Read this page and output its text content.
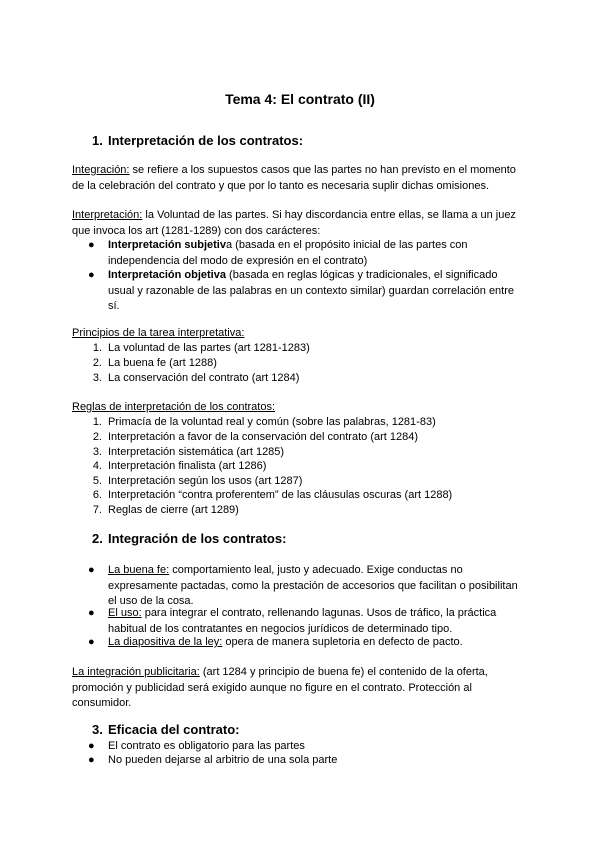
Tema 4: El contrato (II)
1. Interpretación de los contratos:
Integración: se refiere a los supuestos casos que las partes no han previsto en el momento
de la celebración del contrato y que por lo tanto es necesaria suplir dichas omisiones.
Interpretación: la Voluntad de las partes. Si hay discordancia entre ellas, se llama a un juez
que invoca los art (1281-1289) con dos carácteres:
● Interpretación subjetiva (basada en el propósito inicial de las partes con
independencia del modo de expresión en el contrato)
● Interpretación objetiva (basada en reglas lógicas y tradicionales, el significado
usual y razonable de las palabras en un contexto similar) guardan correlación entre
sí.
Principios de la tarea interpretativa:
1. La voluntad de las partes (art 1281-1283)
2. La buena fe (art 1288)
3. La conservación del contrato (art 1284)
Reglas de interpretación de los contratos:
1. Primacía de la voluntad real y común (sobre las palabras, 1281-83)
2. Interpretación a favor de la conservación del contrato (art 1284)
3. Interpretación sistemática (art 1285)
4. Interpretación finalista (art 1286)
5. Interpretación según los usos (art 1287)
6. Interpretación “contra proferentem” de las cláusulas oscuras (art 1288)
7. Reglas de cierre (art 1289)
2. Integración de los contratos:
● La buena fe: comportamiento leal, justo y adecuado. Exige conductas no
expresamente pactadas, como la prestación de accesorios que facilitan o posibilitan
el uso de la cosa.
● El uso: para integrar el contrato, rellenando lagunas. Usos de tráfico, la práctica
habitual de los contratantes en negocios jurídicos de determinado tipo.
● La diapositiva de la ley: opera de manera supletoria en defecto de pacto.
La integración publicitaria: (art 1284 y principio de buena fe) el contenido de la oferta,
promoción y publicidad será exigido aunque no figure en el contrato. Protección al
consumidor.
3. Eficacia del contrato:
● El contrato es obligatorio para las partes
● No pueden dejarse al arbitrio de una sola parte
